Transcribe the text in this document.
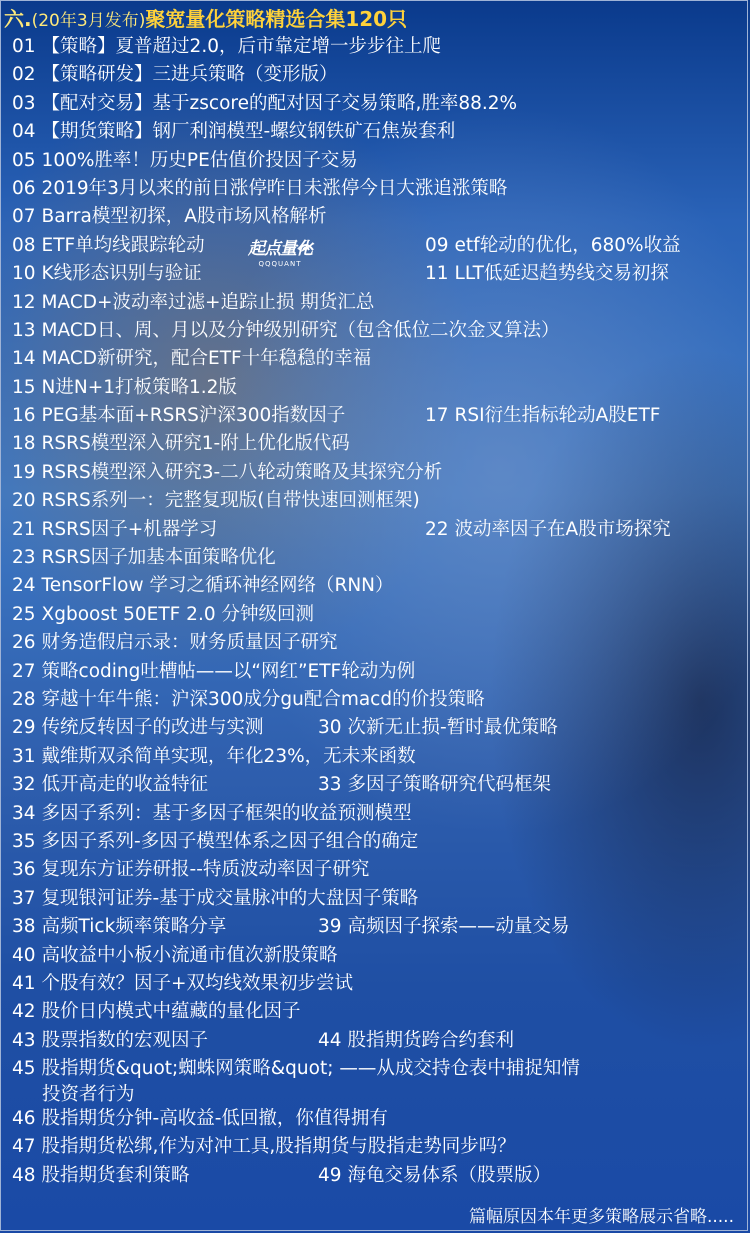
六.(20年3月发布)聚宽量化策略精选合集120只
起点量化
QQQUANT
01 【策略】夏普超过2.0，后市靠定增一步步往上爬
02 【策略研发】三进兵策略（变形版）
03 【配对交易】基于zscore的配对因子交易策略,胜率88.2%
04 【期货策略】钢厂利润模型-螺纹钢铁矿石焦炭套利
05 100%胜率！历史PE估值价投因子交易
06 2019年3月以来的前日涨停昨日未涨停今日大涨追涨策略
07 Barra模型初探，A股市场风格解析
08 ETF单均线跟踪轮动	09 etf轮动的优化，680%收益
10 K线形态识别与验证	11 LLT低延迟趋势线交易初探
12 MACD+波动率过滤+追踪止损 期货汇总
13 MACD日、周、月以及分钟级别研究（包含低位二次金叉算法）
14 MACD新研究，配合ETF十年稳稳的幸福
15 N进N+1打板策略1.2版
16 PEG基本面+RSRS沪深300指数因子	17 RSI衍生指标轮动A股ETF
18 RSRS模型深入研究1-附上优化版代码
19 RSRS模型深入研究3-二八轮动策略及其探究分析
20 RSRS系列一：完整复现版(自带快速回测框架)
21 RSRS因子+机器学习	22 波动率因子在A股市场探究
23 RSRS因子加基本面策略优化
24 TensorFlow 学习之循环神经网络（RNN）
25 Xgboost 50ETF 2.0 分钟级回测
26 财务造假启示录：财务质量因子研究
27 策略coding吐槽帖——以“网红”ETF轮动为例
28 穿越十年牛熊：沪深300成分gu配合macd的价投策略
29 传统反转因子的改进与实测	30 次新无止损-暂时最优策略
31 戴维斯双杀简单实现，年化23%，无未来函数
32 低开高走的收益特征	33 多因子策略研究代码框架
34 多因子系列：基于多因子框架的收益预测模型
35 多因子系列-多因子模型体系之因子组合的确定
36 复现东方证券研报--特质波动率因子研究
37 复现银河证券-基于成交量脉冲的大盘因子策略
38 高频Tick频率策略分享	39 高频因子探索——动量交易
40 高收益中小板小流通市值次新股策略
41 个股有效？因子+双均线效果初步尝试
42 股价日内模式中蕴藏的量化因子
43 股票指数的宏观因子	44 股指期货跨合约套利
45 股指期货&quot;蜘蛛网策略&quot; ——从成交持仓表中捕捉知情
投资者行为
46 股指期货分钟-高收益-低回撤，你值得拥有
47 股指期货松绑,作为对冲工具,股指期货与股指走势同步吗？
48 股指期货套利策略	49 海龟交易体系（股票版）
篇幅原因本年更多策略展示省略.....
